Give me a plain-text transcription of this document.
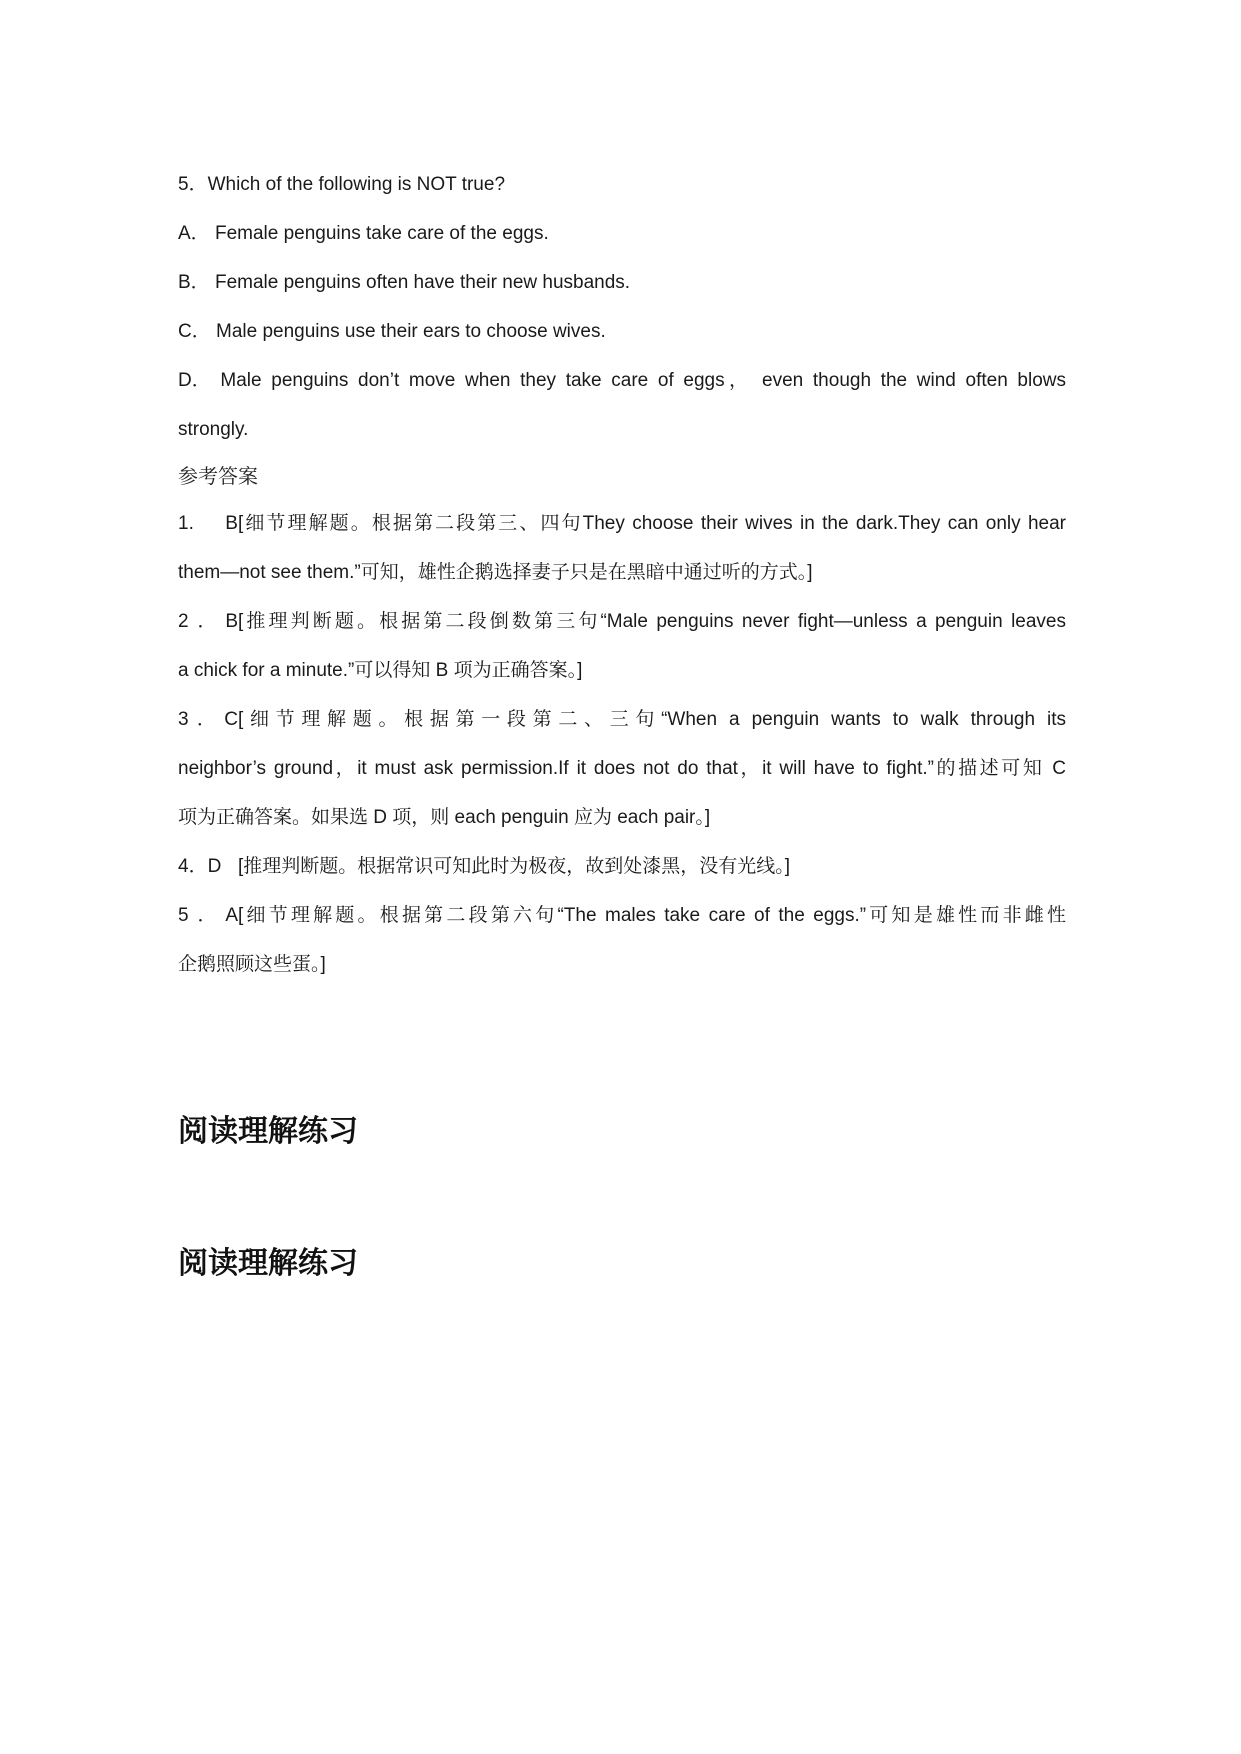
5．Which of the following is NOT true?

A． Female penguins take care of the eggs.

B． Female penguins often have their new husbands.

C． Male penguins use their ears to choose wives.

D． Male penguins don’t move when they take care of eggs， even though the wind often blows

strongly.

参考答案

1. B[细节理解题。根据第二段第三、四句They choose their wives in the dark.They can only hear

them—not see them.”可知，雄性企鹅选择妻子只是在黑暗中通过听的方式。]

2．B[推理判断题。根据第二段倒数第三句“Male penguins never fight—unless a penguin leaves

a chick for a minute.”可以得知 B 项为正确答案。]

3．C[细节理解题。根据第一段第二、三句“When a penguin wants to walk through its

neighbor’s ground，it must ask permission.If it does not do that，it will have to fight.”的描述可知 C

项为正确答案。如果选 D 项，则 each penguin 应为 each pair。]

4．D [推理判断题。根据常识可知此时为极夜，故到处漆黑，没有光线。]

5．A[细节理解题。根据第二段第六句“The males take care of the eggs.”可知是雄性而非雌性

企鹅照顾这些蛋。]

阅读理解练习
阅读理解练习
